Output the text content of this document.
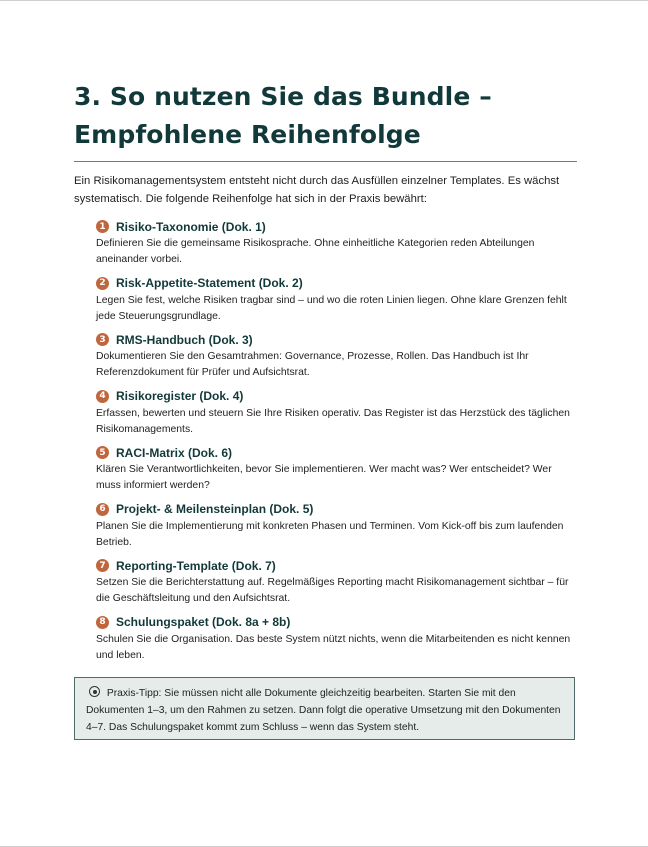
3. So nutzen Sie das Bundle – Empfohlene Reihenfolge

Ein Risikomanagementsystem entsteht nicht durch das Ausfüllen einzelner Templates. Es wächst systematisch. Die folgende Reihenfolge hat sich in der Praxis bewährt:

1 Risiko-Taxonomie (Dok. 1)
Definieren Sie die gemeinsame Risikosprache. Ohne einheitliche Kategorien reden Abteilungen aneinander vorbei.
2 Risk-Appetite-Statement (Dok. 2)
Legen Sie fest, welche Risiken tragbar sind – und wo die roten Linien liegen. Ohne klare Grenzen fehlt jede Steuerungsgrundlage.
3 RMS-Handbuch (Dok. 3)
Dokumentieren Sie den Gesamtrahmen: Governance, Prozesse, Rollen. Das Handbuch ist Ihr Referenzdokument für Prüfer und Aufsichtsrat.
4 Risikoregister (Dok. 4)
Erfassen, bewerten und steuern Sie Ihre Risiken operativ. Das Register ist das Herzstück des täglichen Risikomanagements.
5 RACI-Matrix (Dok. 6)
Klären Sie Verantwortlichkeiten, bevor Sie implementieren. Wer macht was? Wer entscheidet? Wer muss informiert werden?
6 Projekt- & Meilensteinplan (Dok. 5)
Planen Sie die Implementierung mit konkreten Phasen und Terminen. Vom Kick-off bis zum laufenden Betrieb.
7 Reporting-Template (Dok. 7)
Setzen Sie die Berichterstattung auf. Regelmäßiges Reporting macht Risikomanagement sichtbar – für die Geschäftsleitung und den Aufsichtsrat.
8 Schulungspaket (Dok. 8a + 8b)
Schulen Sie die Organisation. Das beste System nützt nichts, wenn die Mitarbeitenden es nicht kennen und leben.
Praxis-Tipp: Sie müssen nicht alle Dokumente gleichzeitig bearbeiten. Starten Sie mit den Dokumenten 1–3, um den Rahmen zu setzen. Dann folgt die operative Umsetzung mit den Dokumenten 4–7. Das Schulungspaket kommt zum Schluss – wenn das System steht.
